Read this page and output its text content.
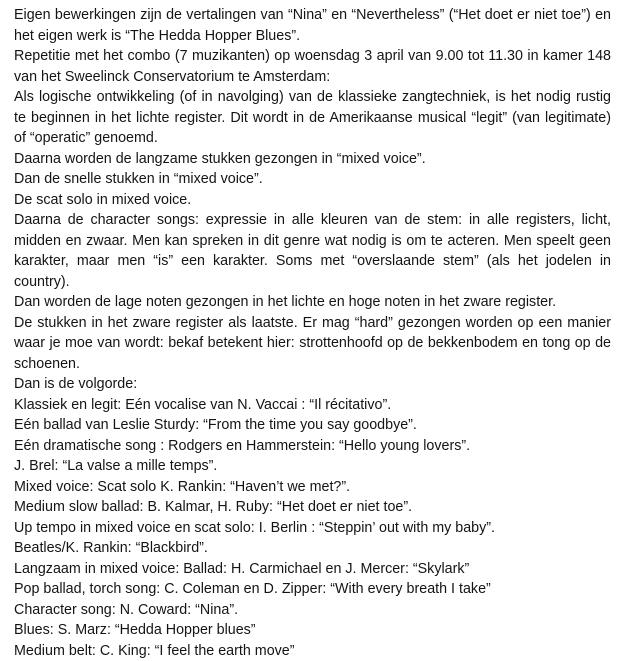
Eigen bewerkingen zijn de vertalingen van “Nina” en “Nevertheless” (“Het doet er niet toe”) en het eigen werk is “The Hedda Hopper Blues”.

Repetitie met het combo (7 muzikanten) op woensdag 3 april van 9.00 tot 11.30 in kamer 148 van het Sweelinck Conservatorium te Amsterdam:

Als logische ontwikkeling (of in navolging) van de klassieke zangtechniek, is het nodig rustig te beginnen in het lichte register. Dit wordt in de Amerikaanse musical “legit” (van legitimate) of “operatic” genoemd.

Daarna worden de langzame stukken gezongen in “mixed voice”.

Dan de snelle stukken in “mixed voice”.

De scat solo in mixed voice.

Daarna de character songs: expressie in alle kleuren van de stem: in alle registers, licht, midden en zwaar. Men kan spreken in dit genre wat nodig is om te acteren. Men speelt geen karakter, maar men “is” een karakter. Soms met “overslaande stem” (als het jodelen in country).

Dan worden de lage noten gezongen in het lichte en hoge noten in het zware register.

De stukken in het zware register als laatste. Er mag “hard” gezongen worden op een manier waar je moe van wordt: bekaf betekent hier: strottenhoofd op de bekkenbodem en tong op de schoenen.

Dan is de volgorde:

Klassiek en legit: Eén vocalise van N. Vaccai : “Il récitativo”.

Eén ballad van Leslie Sturdy: “From the time you say goodbye”.

Eén dramatische song : Rodgers en Hammerstein: “Hello young lovers”.

J. Brel: “La valse a mille temps”.

Mixed voice: Scat solo K. Rankin: “Haven’t we met?”.

Medium slow ballad: B. Kalmar, H. Ruby: “Het doet er niet toe”.

Up tempo in mixed voice en scat solo: I. Berlin : “Steppin’ out with my baby”.

Beatles/K. Rankin: “Blackbird”.

Langzaam in mixed voice: Ballad: H. Carmichael en J. Mercer: “Skylark”

Pop ballad, torch song: C. Coleman en D. Zipper: “With every breath I take”

Character song: N. Coward: “Nina”.

Blues: S. Marz: “Hedda Hopper blues”

Medium belt: C. King: “I feel the earth move”
